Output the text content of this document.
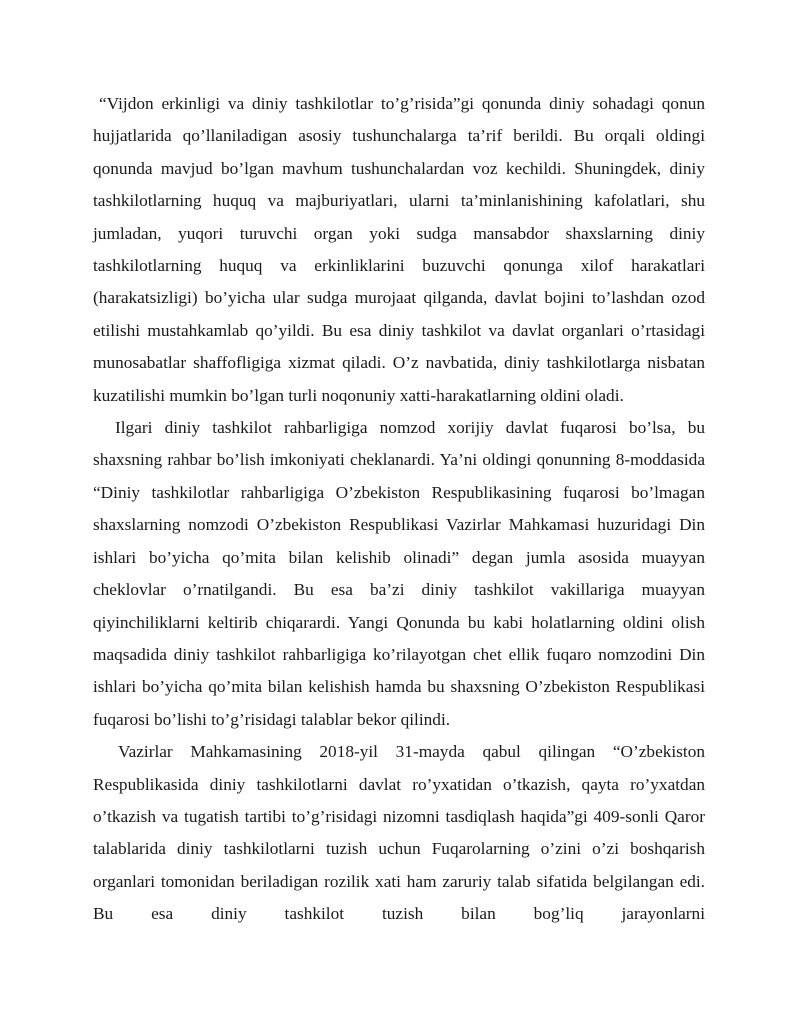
“Vijdon erkinligi va diniy tashkilotlar to’g’risida”gi qonunda diniy sohadagi qonun hujjatlarida qo’llaniladigan asosiy tushunchalarga ta’rif berildi. Bu orqali oldingi qonunda mavjud bo’lgan mavhum tushunchalardan voz kechildi. Shuningdek, diniy tashkilotlarning huquq va majburiyatlari, ularni ta’minlanishining kafolatlari, shu jumladan, yuqori turuvchi organ yoki sudga mansabdor shaxslarning diniy tashkilotlarning huquq va erkinliklarini buzuvchi qonunga xilof harakatlari (harakatsizligi) bo’yicha ular sudga murojaat qilganda, davlat bojini to’lashdan ozod etilishi mustahkamlab qo’yildi. Bu esa diniy tashkilot va davlat organlari o’rtasidagi munosabatlar shaffofligiga xizmat qiladi. O’z navbatida, diniy tashkilotlarga nisbatan kuzatilishi mumkin bo’lgan turli noqonuniy xatti-harakatlarning oldini oladi.

Ilgari diniy tashkilot rahbarligiga nomzod xorijiy davlat fuqarosi bo’lsa, bu shaxsning rahbar bo’lish imkoniyati cheklanardi. Ya’ni oldingi qonunning 8-moddasida “Diniy tashkilotlar rahbarligiga O’zbekiston Respublikasining fuqarosi bo’lmagan shaxslarning nomzodi O’zbekiston Respublikasi Vazirlar Mahkamasi huzuridagi Din ishlari bo’yicha qo’mita bilan kelishib olinadi” degan jumla asosida muayyan cheklovlar o’rnatilgandi. Bu esa ba’zi diniy tashkilot vakillariga muayyan qiyinchiliklarni keltirib chiqarardi. Yangi Qonunda bu kabi holatlarning oldini olish maqsadida diniy tashkilot rahbarligiga ko’rilayotgan chet ellik fuqaro nomzodini Din ishlari bo’yicha qo’mita bilan kelishish hamda bu shaxsning O’zbekiston Respublikasi fuqarosi bo’lishi to’g’risidagi talablar bekor qilindi.

Vazirlar Mahkamasining 2018-yil 31-mayda qabul qilingan “O’zbekiston Respublikasida diniy tashkilotlarni davlat ro’yxatidan o’tkazish, qayta ro’yxatdan o’tkazish va tugatish tartibi to’g’risidagi nizomni tasdiqlash haqida”gi 409-sonli Qaror talablarida diniy tashkilotlarni tuzish uchun Fuqarolarning o’zini o’zi boshqarish organlari tomonidan beriladigan rozilik xati ham zaruriy talab sifatida belgilangan edi. Bu esa diniy tashkilot tuzish bilan bog’liq jarayonlarni
